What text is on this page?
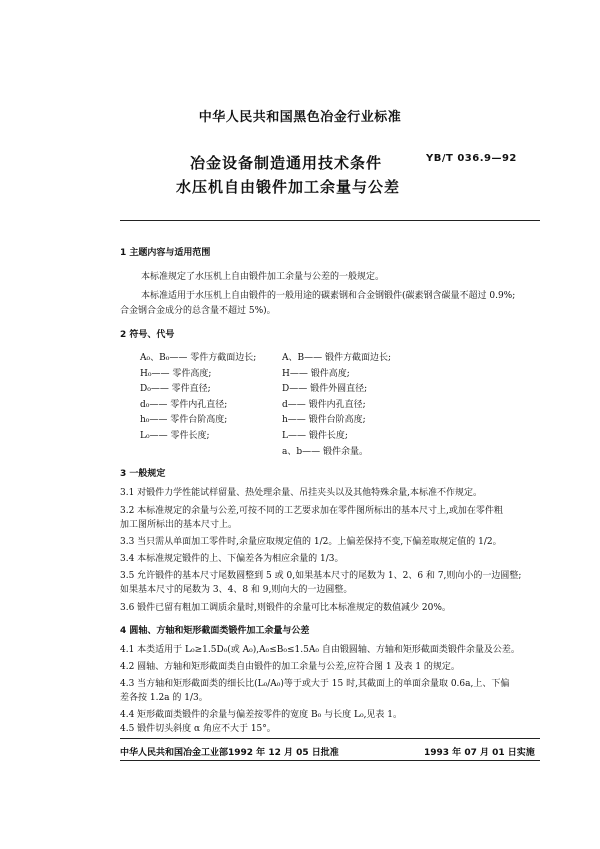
中华人民共和国黑色冶金行业标准
冶金设备制造通用技术条件	YB/T 036.9—92
水压机自由锻件加工余量与公差
1 主题内容与适用范围
本标准规定了水压机上自由锻件加工余量与公差的一般规定。
本标准适用于水压机上自由锻件的一般用途的碳素钢和合金钢锻件(碳素钢含碳量不超过 0.9%;
合金钢合金成分的总含量不超过 5%)。
2 符号、代号
A₀、B₀—— 零件方截面边长;
H₀—— 零件高度;
D₀—— 零件直径;
d₀—— 零件内孔直径;
h₀—— 零件台阶高度;
L₀—— 零件长度;
A、B—— 锻件方截面边长;
H—— 锻件高度;
D—— 锻件外圆直径;
d—— 锻件内孔直径;
h—— 锻件台阶高度;
L—— 锻件长度;
a、b—— 锻件余量。
3 一般规定
3.1 对锻件力学性能试样留量、热处理余量、吊挂夹头以及其他特殊余量,本标准不作规定。
3.2 本标准规定的余量与公差,可按不同的工艺要求加在零件图所标出的基本尺寸上,或加在零件粗
加工图所标出的基本尺寸上。
3.3 当只需从单面加工零件时,余量应取规定值的 1/2。上偏差保持不变,下偏差取规定值的 1/2。
3.4 本标准规定锻件的上、下偏差各为相应余量的 1/3。
3.5 允许锻件的基本尺寸尾数圆整到 5 或 0,如果基本尺寸的尾数为 1、2、6 和 7,则向小的一边圆整;
如果基本尺寸的尾数为 3、4、8 和 9,则向大的一边圆整。
3.6 锻件已留有粗加工调质余量时,则锻件的余量可比本标准规定的数值减少 20%。
4 圆轴、方轴和矩形截面类锻件加工余量与公差
4.1 本类适用于 L₀≥1.5D₀(或 A₀),A₀≤B₀≤1.5A₀ 自由锻圆轴、方轴和矩形截面类锻件余量及公差。
4.2 圆轴、方轴和矩形截面类自由锻件的加工余量与公差,应符合图 1 及表 1 的规定。
4.3 当方轴和矩形截面类的细长比(L₀/A₀)等于或大于 15 时,其截面上的单面余量取 0.6a,上、下偏
差各按 1.2a 的 1/3。
4.4 矩形截面类锻件的余量与偏差按零件的宽度 B₀ 与长度 L₀,见表 1。
4.5 锻件切头斜度 α 角应不大于 15°。
中华人民共和国冶金工业部1992 年 12 月 05 日批准	1993 年 07 月 01 日实施
